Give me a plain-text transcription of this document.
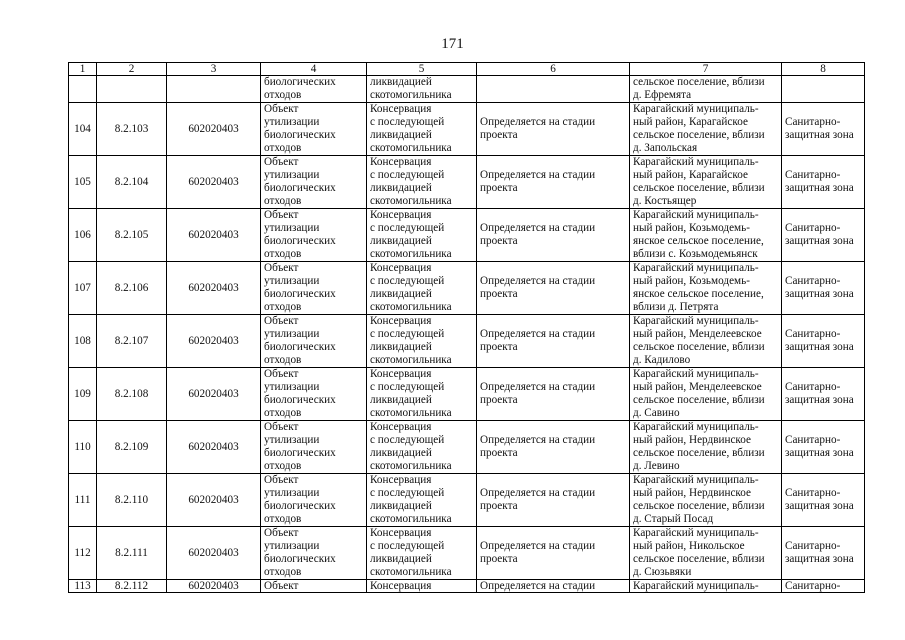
171
1	2	3	4	5	6	7	8

			биологических
отходов	ликвидацией
скотомогильника		сельское поселение, вблизи
д. Ефремята	

104	8.2.103	602020403	Объект
утилизации
биологических
отходов	Консервация
с последующей
ликвидацией
скотомогильника	Определяется на стадии
проекта	Карагайский муниципаль-
ный район, Карагайское
сельское поселение, вблизи
д. Запольская	Санитарно-
защитная зона

105	8.2.104	602020403	Объект
утилизации
биологических
отходов	Консервация
с последующей
ликвидацией
скотомогильника	Определяется на стадии
проекта	Карагайский муниципаль-
ный район, Карагайское
сельское поселение, вблизи
д. Костьящер	Санитарно-
защитная зона

106	8.2.105	602020403	Объект
утилизации
биологических
отходов	Консервация
с последующей
ликвидацией
скотомогильника	Определяется на стадии
проекта	Карагайский муниципаль-
ный район, Козьмодемь-
янское сельское поселение,
вблизи с. Козьмодемьянск	Санитарно-
защитная зона

107	8.2.106	602020403	Объект
утилизации
биологических
отходов	Консервация
с последующей
ликвидацией
скотомогильника	Определяется на стадии
проекта	Карагайский муниципаль-
ный район, Козьмодемь-
янское сельское поселение,
вблизи д. Петрята	Санитарно-
защитная зона

108	8.2.107	602020403	Объект
утилизации
биологических
отходов	Консервация
с последующей
ликвидацией
скотомогильника	Определяется на стадии
проекта	Карагайский муниципаль-
ный район, Менделеевское
сельское поселение, вблизи
д. Кадилово	Санитарно-
защитная зона

109	8.2.108	602020403	Объект
утилизации
биологических
отходов	Консервация
с последующей
ликвидацией
скотомогильника	Определяется на стадии
проекта	Карагайский муниципаль-
ный район, Менделеевское
сельское поселение, вблизи
д. Савино	Санитарно-
защитная зона

110	8.2.109	602020403	Объект
утилизации
биологических
отходов	Консервация
с последующей
ликвидацией
скотомогильника	Определяется на стадии
проекта	Карагайский муниципаль-
ный район, Нердвинское
сельское поселение, вблизи
д. Левино	Санитарно-
защитная зона

111	8.2.110	602020403	Объект
утилизации
биологических
отходов	Консервация
с последующей
ликвидацией
скотомогильника	Определяется на стадии
проекта	Карагайский муниципаль-
ный район, Нердвинское
сельское поселение, вблизи
д. Старый Посад	Санитарно-
защитная зона

112	8.2.111	602020403	Объект
утилизации
биологических
отходов	Консервация
с последующей
ликвидацией
скотомогильника	Определяется на стадии
проекта	Карагайский муниципаль-
ный район, Никольское
сельское поселение, вблизи
д. Сюзьвяки	Санитарно-
защитная зона

113	8.2.112	602020403	Объект	Консервация	Определяется на стадии	Карагайский муниципаль-	Санитарно-
